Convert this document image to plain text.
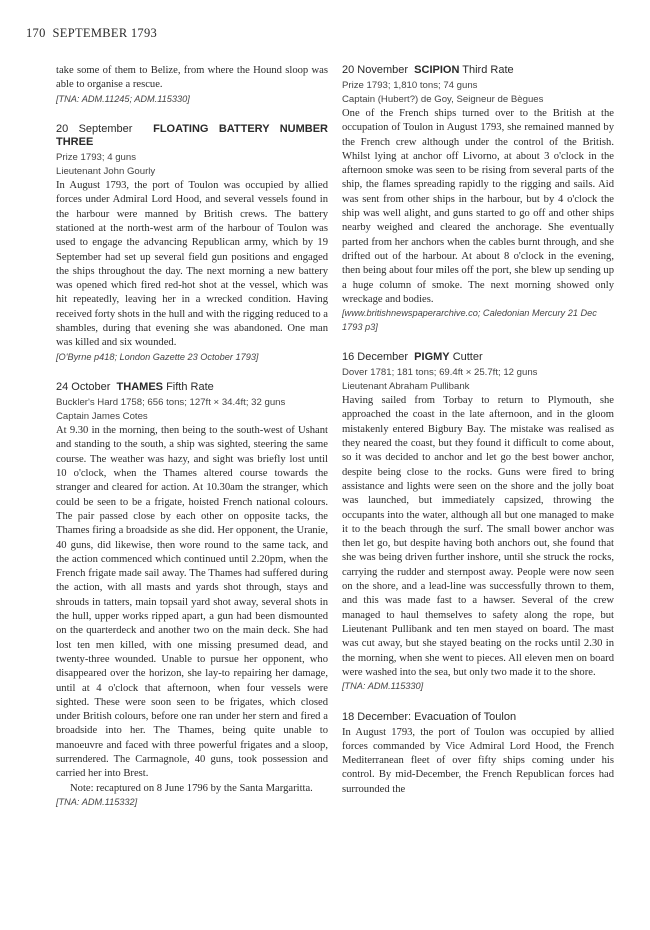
170 SEPTEMBER 1793

take some of them to Belize, from where the Hound sloop was able to organise a rescue.

[TNA: ADM.11245; ADM.115330]
20 September FLOATING BATTERY NUMBER THREE
Prize 1793; 4 guns
Lieutenant John Gourly

In August 1793, the port of Toulon was occupied by allied forces under Admiral Lord Hood, and several vessels found in the harbour were manned by British crews. The battery stationed at the north-west arm of the harbour of Toulon was used to engage the advancing Republican army, which by 19 September had set up several field gun positions and engaged the ships throughout the day. The next morning a new battery was opened which fired red-hot shot at the vessel, which was hit repeatedly, leaving her in a wrecked condition. Having received forty shots in the hull and with the rigging reduced to a shambles, during that evening she was abandoned. One man was killed and six wounded.

[O'Byrne p418; London Gazette 23 October 1793]
24 October THAMES Fifth Rate
Buckler's Hard 1758; 656 tons; 127ft × 34.4ft; 32 guns
Captain James Cotes

At 9.30 in the morning, then being to the south-west of Ushant and standing to the south, a ship was sighted, steering the same course. The weather was hazy, and sight was briefly lost until 10 o'clock, when the Thames altered course towards the stranger and cleared for action. At 10.30am the stranger, which could be seen to be a frigate, hoisted French national colours. The pair passed close by each other on opposite tacks, the Thames firing a broadside as she did. Her opponent, the Uranie, 40 guns, did likewise, then wore round to the same tack, and the action commenced which continued until 2.20pm, when the French frigate made sail away. The Thames had suffered during the action, with all masts and yards shot through, stays and shrouds in tatters, main topsail yard shot away, several shots in the hull, upper works ripped apart, a gun had been dismounted on the quarterdeck and another two on the main deck. She had lost ten men killed, with one missing presumed dead, and twenty-three wounded. Unable to pursue her opponent, who disappeared over the horizon, she lay-to repairing her damage, until at 4 o'clock that afternoon, when four vessels were sighted. These were soon seen to be frigates, which closed under British colours, before one ran under her stern and fired a broadside into her. The Thames, being quite unable to manoeuvre and faced with three powerful frigates and a sloop, surrendered. The Carmagnole, 40 guns, took possession and carried her into Brest.

Note: recaptured on 8 June 1796 by the Santa Margaritta.

[TNA: ADM.115332]
20 November SCIPION Third Rate
Prize 1793; 1,810 tons; 74 guns
Captain (Hubert?) de Goy, Seigneur de Bègues

One of the French ships turned over to the British at the occupation of Toulon in August 1793, she remained manned by the French crew although under the control of the British. Whilst lying at anchor off Livorno, at about 3 o'clock in the afternoon smoke was seen to be rising from several parts of the ship, the flames spreading rapidly to the rigging and sails. Aid was sent from other ships in the harbour, but by 4 o'clock the ship was well alight, and guns started to go off and other ships nearby weighed and cleared the anchorage. She eventually parted from her anchors when the cables burnt through, and she drifted out of the harbour. At about 8 o'clock in the evening, then being about four miles off the port, she blew up sending up a huge column of smoke. The next morning showed only wreckage and bodies.

[www.britishnewspaperarchive.co; Caledonian Mercury 21 Dec 1793 p3]
16 December PIGMY Cutter
Dover 1781; 181 tons; 69.4ft × 25.7ft; 12 guns
Lieutenant Abraham Pullibank

Having sailed from Torbay to return to Plymouth, she approached the coast in the late afternoon, and in the gloom mistakenly entered Bigbury Bay. The mistake was realised as they neared the coast, but they found it difficult to come about, so it was decided to anchor and let go the best bower anchor, despite being close to the rocks. Guns were fired to bring assistance and lights were seen on the shore and the jolly boat was launched, but immediately capsized, throwing the occupants into the water, although all but one managed to make it to the beach through the surf. The small bower anchor was then let go, but despite having both anchors out, she found that she was being driven further inshore, until she struck the rocks, carrying the rudder and sternpost away. People were now seen on the shore, and a lead-line was successfully thrown to them, and this was made fast to a hawser. Several of the crew managed to haul themselves to safety along the rope, but Lieutenant Pullibank and ten men stayed on board. The mast was cut away, but she stayed beating on the rocks until 2.30 in the morning, when she went to pieces. All eleven men on board were washed into the sea, but only two made it to the shore.

[TNA: ADM.115330]
18 December: Evacuation of Toulon

In August 1793, the port of Toulon was occupied by allied forces commanded by Vice Admiral Lord Hood, the French Mediterranean fleet of over fifty ships coming under his control. By mid-December, the French Republican forces had surrounded the
